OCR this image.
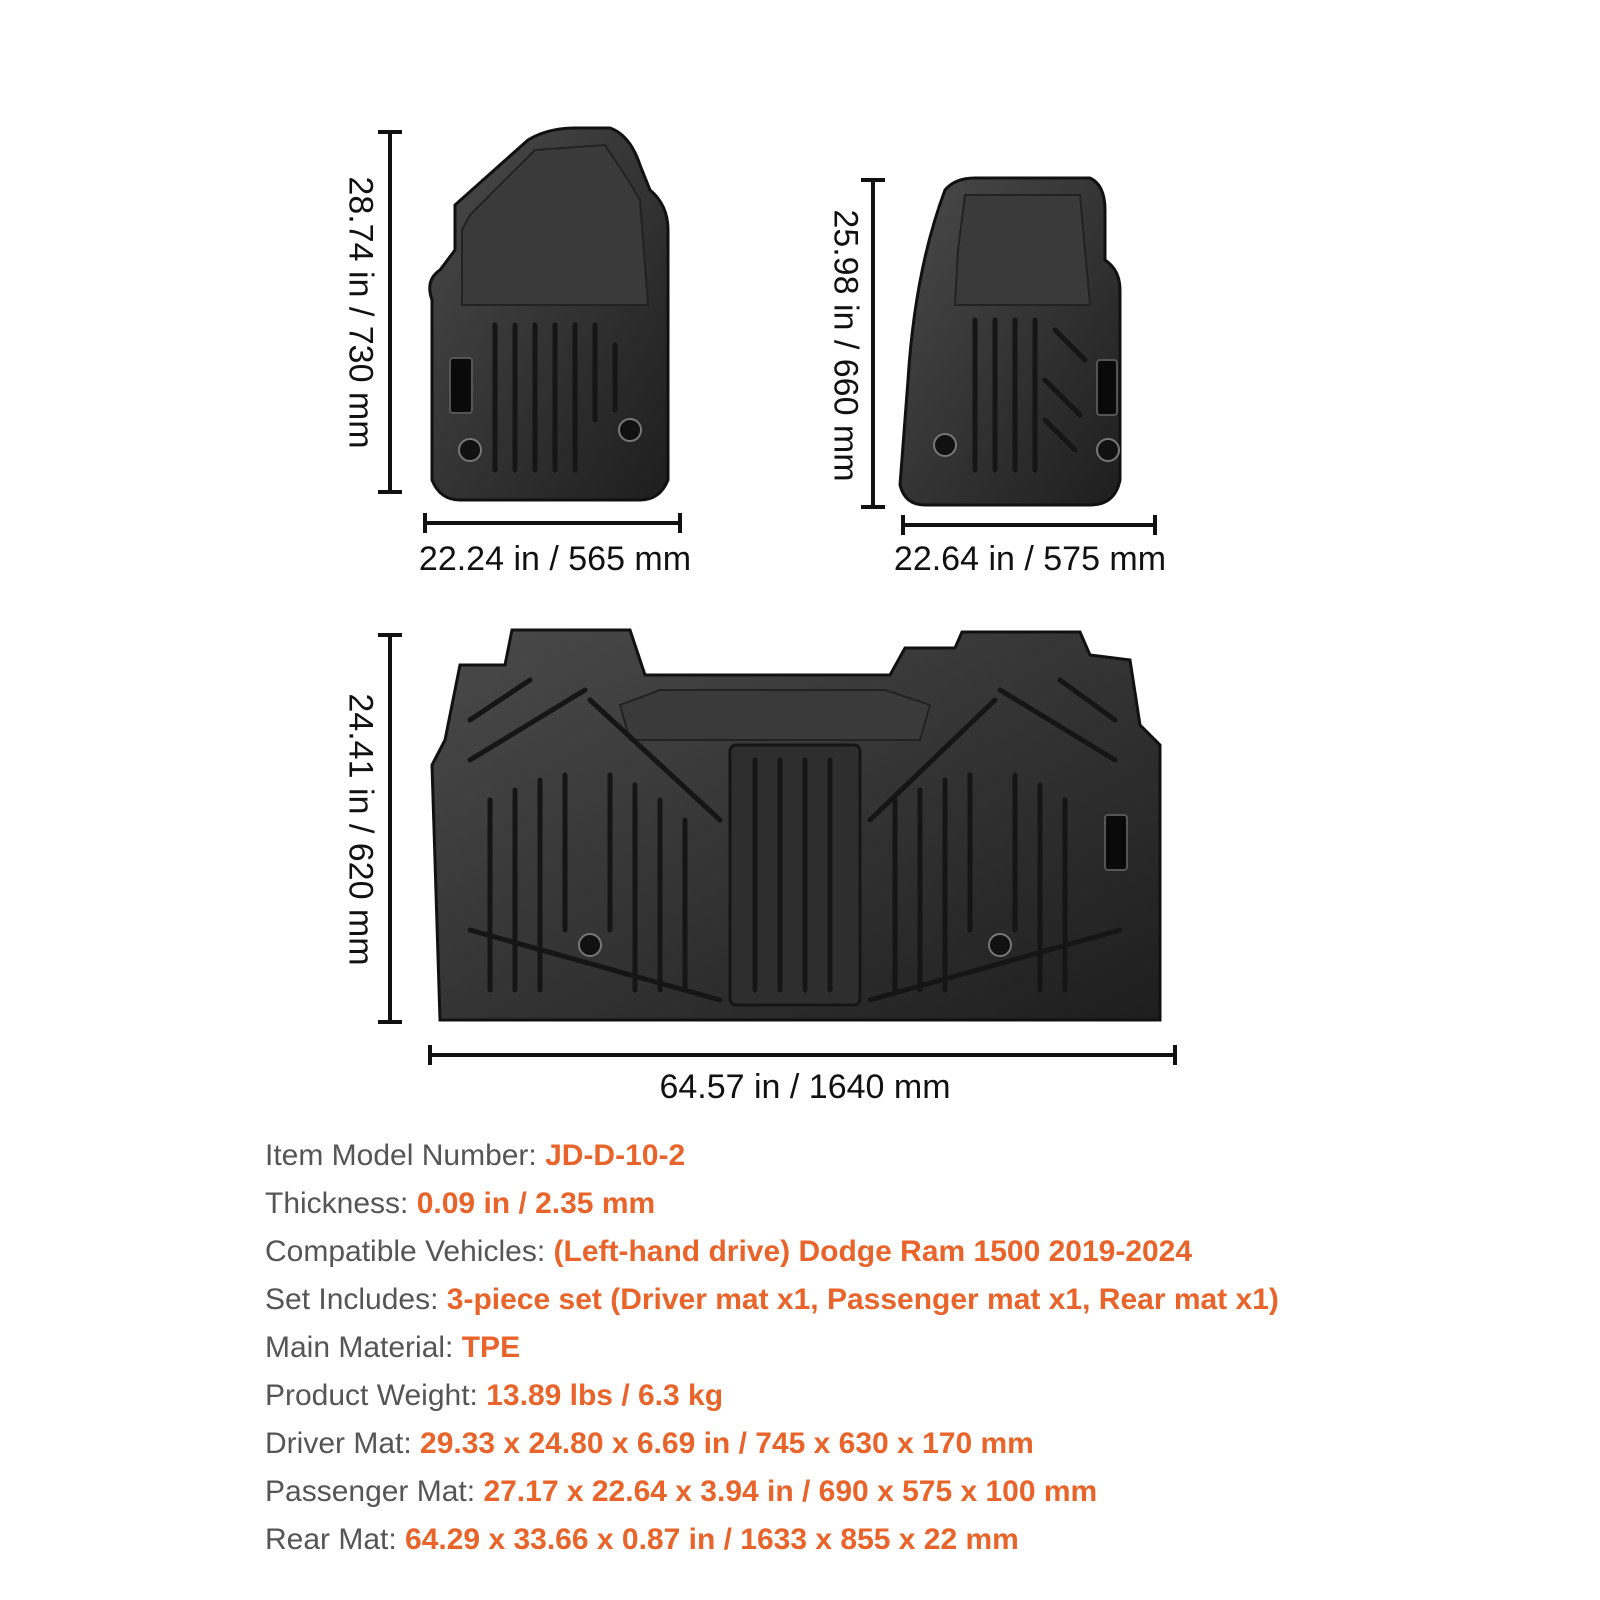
28.74 in / 730 mm
22.24 in / 565 mm
25.98 in / 660 mm
22.64 in / 575 mm
24.41 in / 620 mm
64.57 in / 1640 mm
Item Model Number: JD-D-10-2
Thickness: 0.09 in / 2.35 mm
Compatible Vehicles: (Left-hand drive) Dodge Ram 1500 2019-2024
Set Includes: 3-piece set (Driver mat x1, Passenger mat x1, Rear mat x1)
Main Material: TPE
Product Weight: 13.89 lbs / 6.3 kg
Driver Mat: 29.33 x 24.80 x 6.69 in / 745 x 630 x 170 mm
Passenger Mat: 27.17 x 22.64 x 3.94 in / 690 x 575 x 100 mm
Rear Mat: 64.29 x 33.66 x 0.87 in / 1633 x 855 x 22 mm
